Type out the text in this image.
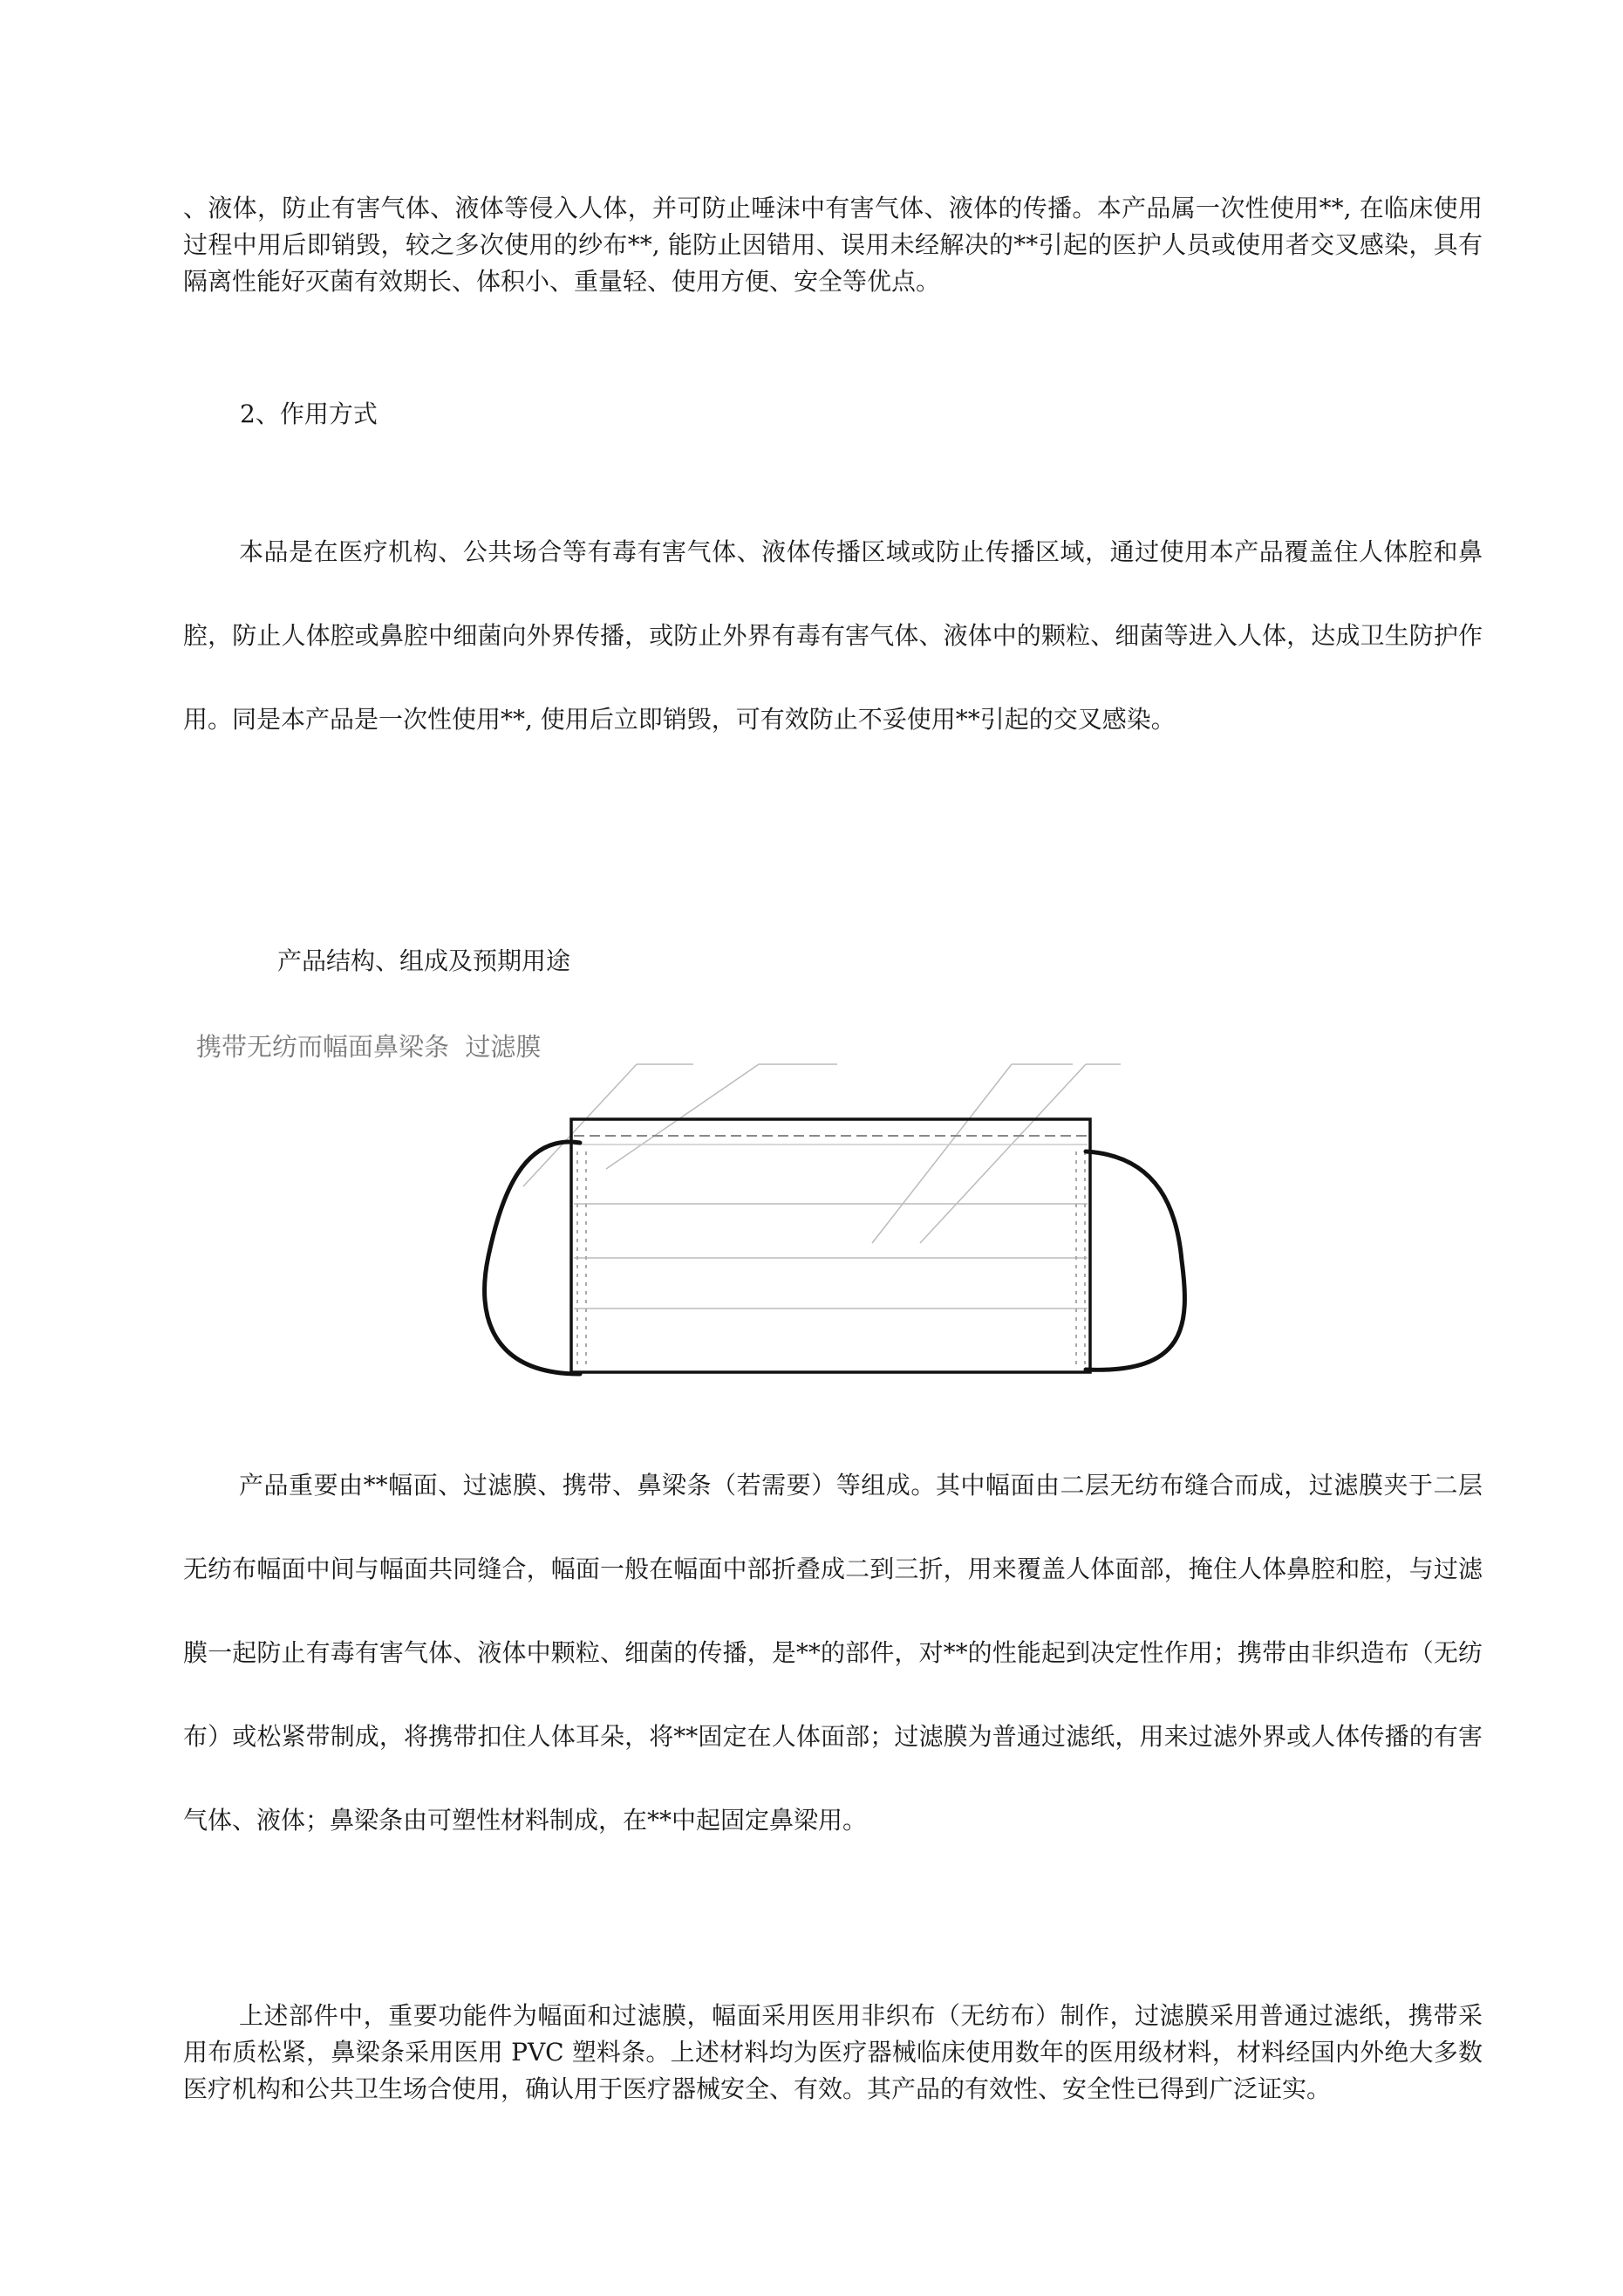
、液体，防止有害气体、液体等侵入人体，并可防止唾沫中有害气体、液体的传播。本产品属一次性使用**, 在临床使用过程中用后即销毁，较之多次使用的纱布**, 能防止因错用、误用未经解决的**引起的医护人员或使用者交叉感染，具有隔离性能好灭菌有效期长、体积小、重量轻、使用方便、安全等优点。
2、作用方式
本品是在医疗机构、公共场合等有毒有害气体、液体传播区域或防止传播区域，通过使用本产品覆盖住人体腔和鼻腔，防止人体腔或鼻腔中细菌向外界传播，或防止外界有毒有害气体、液体中的颗粒、细菌等进入人体，达成卫生防护作用。同是本产品是一次性使用**, 使用后立即销毁，可有效防止不妥使用**引起的交叉感染。
产品结构、组成及预期用途
携带无纺而幅面鼻梁条  过滤膜
产品重要由**幅面、过滤膜、携带、鼻梁条（若需要）等组成。其中幅面由二层无纺布缝合而成，过滤膜夹于二层无纺布幅面中间与幅面共同缝合，幅面一般在幅面中部折叠成二到三折，用来覆盖人体面部，掩住人体鼻腔和腔，与过滤膜一起防止有毒有害气体、液体中颗粒、细菌的传播，是**的部件，对**的性能起到决定性作用；携带由非织造布（无纺布）或松紧带制成，将携带扣住人体耳朵，将**固定在人体面部；过滤膜为普通过滤纸，用来过滤外界或人体传播的有害气体、液体；鼻梁条由可塑性材料制成，在**中起固定鼻梁用。
上述部件中，重要功能件为幅面和过滤膜，幅面采用医用非织布（无纺布）制作，过滤膜采用普通过滤纸，携带采用布质松紧，鼻梁条采用医用 PVC 塑料条。上述材料均为医疗器械临床使用数年的医用级材料，材料经国内外绝大多数医疗机构和公共卫生场合使用，确认用于医疗器械安全、有效。其产品的有效性、安全性已得到广泛证实。
